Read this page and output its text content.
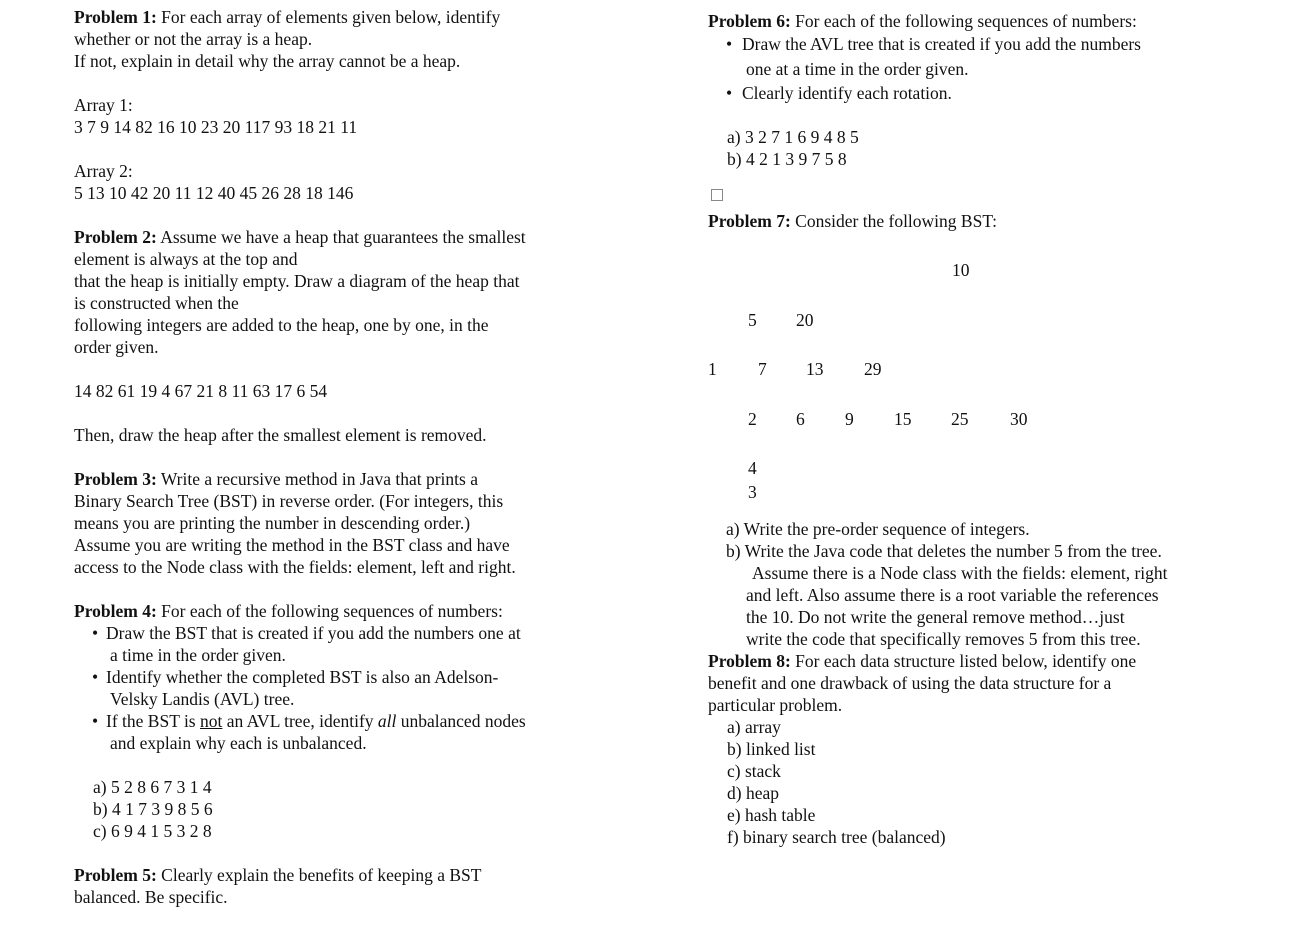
Problem 1: For each array of elements given below, identify

whether or not the array is a heap.

If not, explain in detail why the array cannot be a heap.

Array 1:

3 7 9 14 82 16 10 23 20 117 93 18 21 11

Array 2:

5 13 10 42 20 11 12 40 45 26 28 18 146

Problem 2: Assume we have a heap that guarantees the smallest

element is always at the top and

that the heap is initially empty. Draw a diagram of the heap that

is constructed when the

following integers are added to the heap, one by one, in the

order given.

14 82 61 19 4 67 21 8 11 63 17 6 54

Then, draw the heap after the smallest element is removed.

Problem 3: Write a recursive method in Java that prints a

Binary Search Tree (BST) in reverse order. (For integers, this

means you are printing the number in descending order.)

Assume you are writing the method in the BST class and have

access to the Node class with the fields: element, left and right.

Problem 4: For each of the following sequences of numbers:

• Draw the BST that is created if you add the numbers one at
a time in the order given.
• Identify whether the completed BST is also an Adelson-
Velsky Landis (AVL) tree.
• If the BST is not an AVL tree, identify all unbalanced nodes
and explain why each is unbalanced.

a) 5 2 8 6 7 3 1 4

b) 4 1 7 3 9 8 5 6

c) 6 9 4 1 5 3 2 8

Problem 5: Clearly explain the benefits of keeping a BST

balanced. Be specific.

Problem 6: For each of the following sequences of numbers:

• Draw the AVL tree that is created if you add the numbers
one at a time in the order given.
• Clearly identify each rotation.

a) 3 2 7 1 6 9 4 8 5

b) 4 2 1 3 9 7 5 8

Problem 7: Consider the following BST:

10
5 20
1 7 13 29
2 6 9 15 25 30
4
3

a) Write the pre-order sequence of integers.

b) Write the Java code that deletes the number 5 from the tree.

Assume there is a Node class with the fields: element, right

and left. Also assume there is a root variable the references

the 10. Do not write the general remove method…just

write the code that specifically removes 5 from this tree.

Problem 8: For each data structure listed below, identify one

benefit and one drawback of using the data structure for a

particular problem.

a) array

b) linked list

c) stack

d) heap

e) hash table

f) binary search tree (balanced)
